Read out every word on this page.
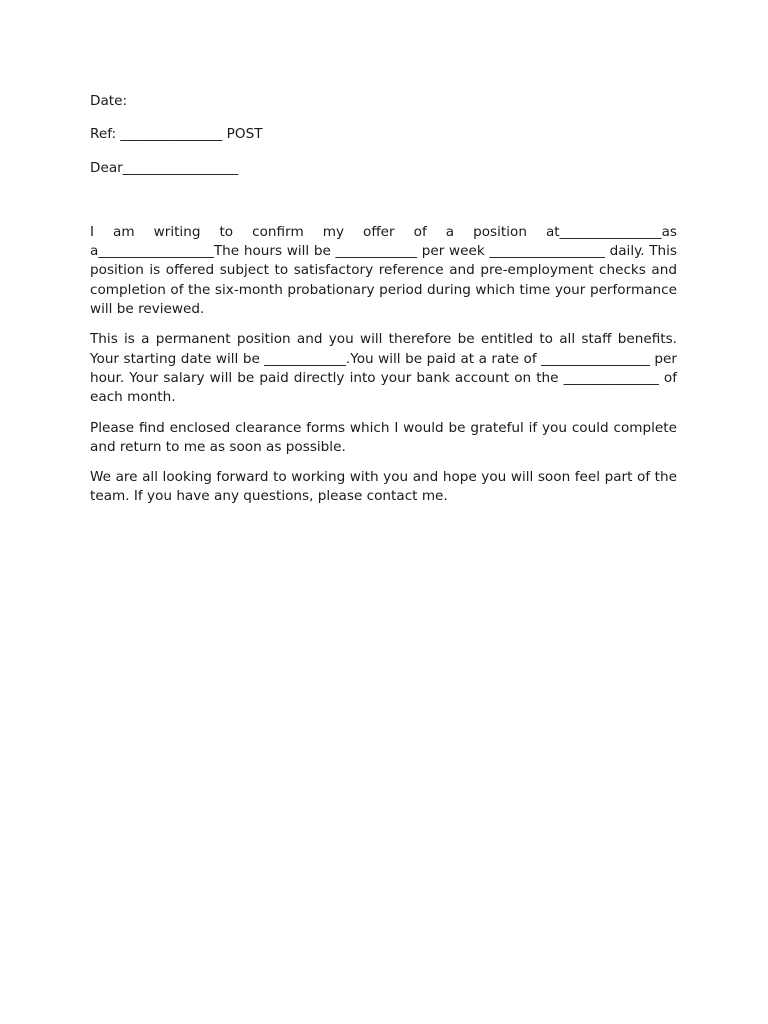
Date:
Ref: _______________ POST
Dear_________________

I am writing to confirm my offer of a position at_______________as a_________________The hours will be ____________ per week _________________ daily. This position is offered subject to satisfactory reference and pre-employment checks and completion of the six-month probationary period during which time your performance will be reviewed.

This is a permanent position and you will therefore be entitled to all staff benefits. Your starting date will be ____________.You will be paid at a rate of ________________ per hour. Your salary will be paid directly into your bank account on the ______________ of each month.

Please find enclosed clearance forms which I would be grateful if you could complete and return to me as soon as possible.

We are all looking forward to working with you and hope you will soon feel part of the team. If you have any questions, please contact me.
